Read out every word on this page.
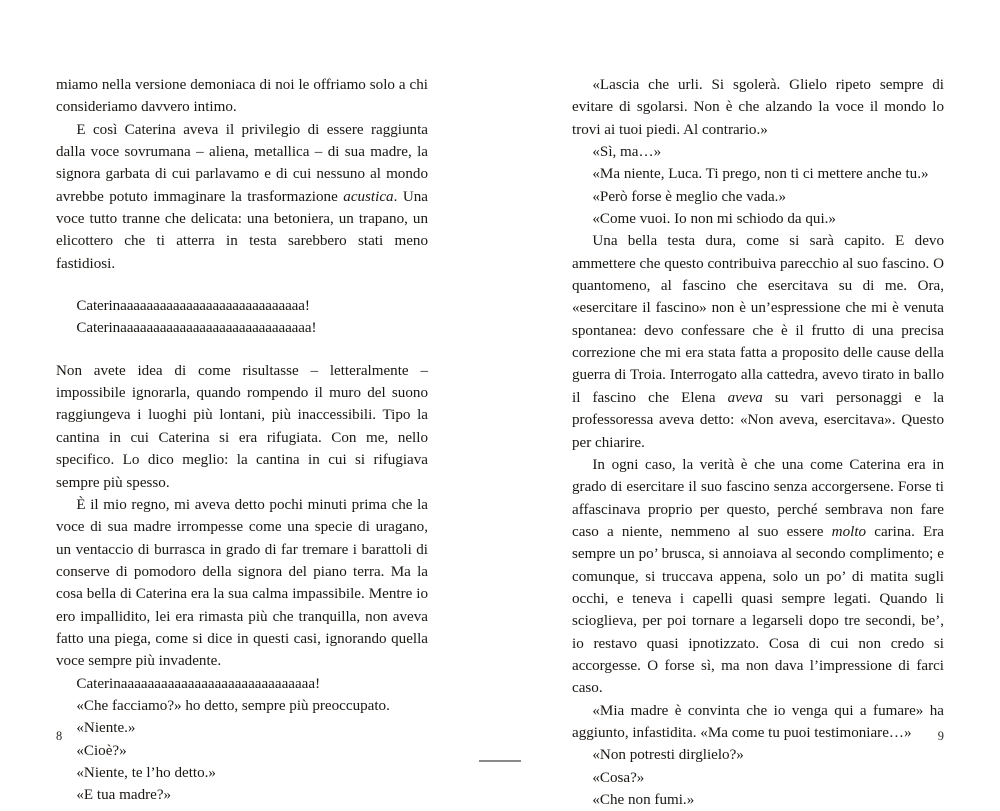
miamo nella versione demoniaca di noi le offriamo solo a chi consideriamo davvero intimo.

E così Caterina aveva il privilegio di essere raggiunta dalla voce sovrumana – aliena, metallica – di sua madre, la signora garbata di cui parlavamo e di cui nessuno al mondo avrebbe potuto immaginare la trasformazione acustica. Una voce tutto tranne che delicata: una betoniera, un trapano, un elicottero che ti atterra in testa sarebbero stati meno fastidiosi.

Caterinaaaaaaaaaaaaaaaaaaaaaaaaaaaa!
Caterinaaaaaaaaaaaaaaaaaaaaaaaaaaaaa!

Non avete idea di come risultasse – letteralmente – impossibile ignorarla, quando rompendo il muro del suono raggiungeva i luoghi più lontani, più inaccessibili. Tipo la cantina in cui Caterina si era rifugiata. Con me, nello specifico. Lo dico meglio: la cantina in cui si rifugiava sempre più spesso.

È il mio regno, mi aveva detto pochi minuti prima che la voce di sua madre irrompesse come una specie di uragano, un ventaccio di burrasca in grado di far tremare i barattoli di conserve di pomodoro della signora del piano terra. Ma la cosa bella di Caterina era la sua calma impassibile. Mentre io ero impallidito, lei era rimasta più che tranquilla, non aveva fatto una piega, come si dice in questi casi, ignorando quella voce sempre più invadente.

Caterinaaaaaaaaaaaaaaaaaaaaaaaaaaaaa!

«Che facciamo?» ho detto, sempre più preoccupato.

«Niente.»

«Cioè?»

«Niente, te l’ho detto.»

«E tua madre?»

8

«Lascia che urli. Si sgolerà. Glielo ripeto sempre di evitare di sgolarsi. Non è che alzando la voce il mondo lo trovi ai tuoi piedi. Al contrario.»

«Sì, ma…»

«Ma niente, Luca. Ti prego, non ti ci mettere anche tu.»

«Però forse è meglio che vada.»

«Come vuoi. Io non mi schiodo da qui.»

Una bella testa dura, come si sarà capito. E devo ammettere che questo contribuiva parecchio al suo fascino. O quantomeno, al fascino che esercitava su di me. Ora, «esercitare il fascino» non è un’espressione che mi è venuta spontanea: devo confessare che è il frutto di una precisa correzione che mi era stata fatta a proposito delle cause della guerra di Troia. Interrogato alla cattedra, avevo tirato in ballo il fascino che Elena aveva su vari personaggi e la professoressa aveva detto: «Non aveva, esercitava». Questo per chiarire.

In ogni caso, la verità è che una come Caterina era in grado di esercitare il suo fascino senza accorgersene. Forse ti affascinava proprio per questo, perché sembrava non fare caso a niente, nemmeno al suo essere molto carina. Era sempre un po’ brusca, si annoiava al secondo complimento; e comunque, si truccava appena, solo un po’ di matita sugli occhi, e teneva i capelli quasi sempre legati. Quando li scioglieva, per poi tornare a legarseli dopo tre secondi, be’, io restavo quasi ipnotizzato. Cosa di cui non credo si accorgesse. O forse sì, ma non dava l’impressione di farci caso.

«Mia madre è convinta che io venga qui a fumare» ha aggiunto, infastidita. «Ma come tu puoi testimoniare…»

«Non potresti dirglielo?»

«Cosa?»

«Che non fumi.»

9
